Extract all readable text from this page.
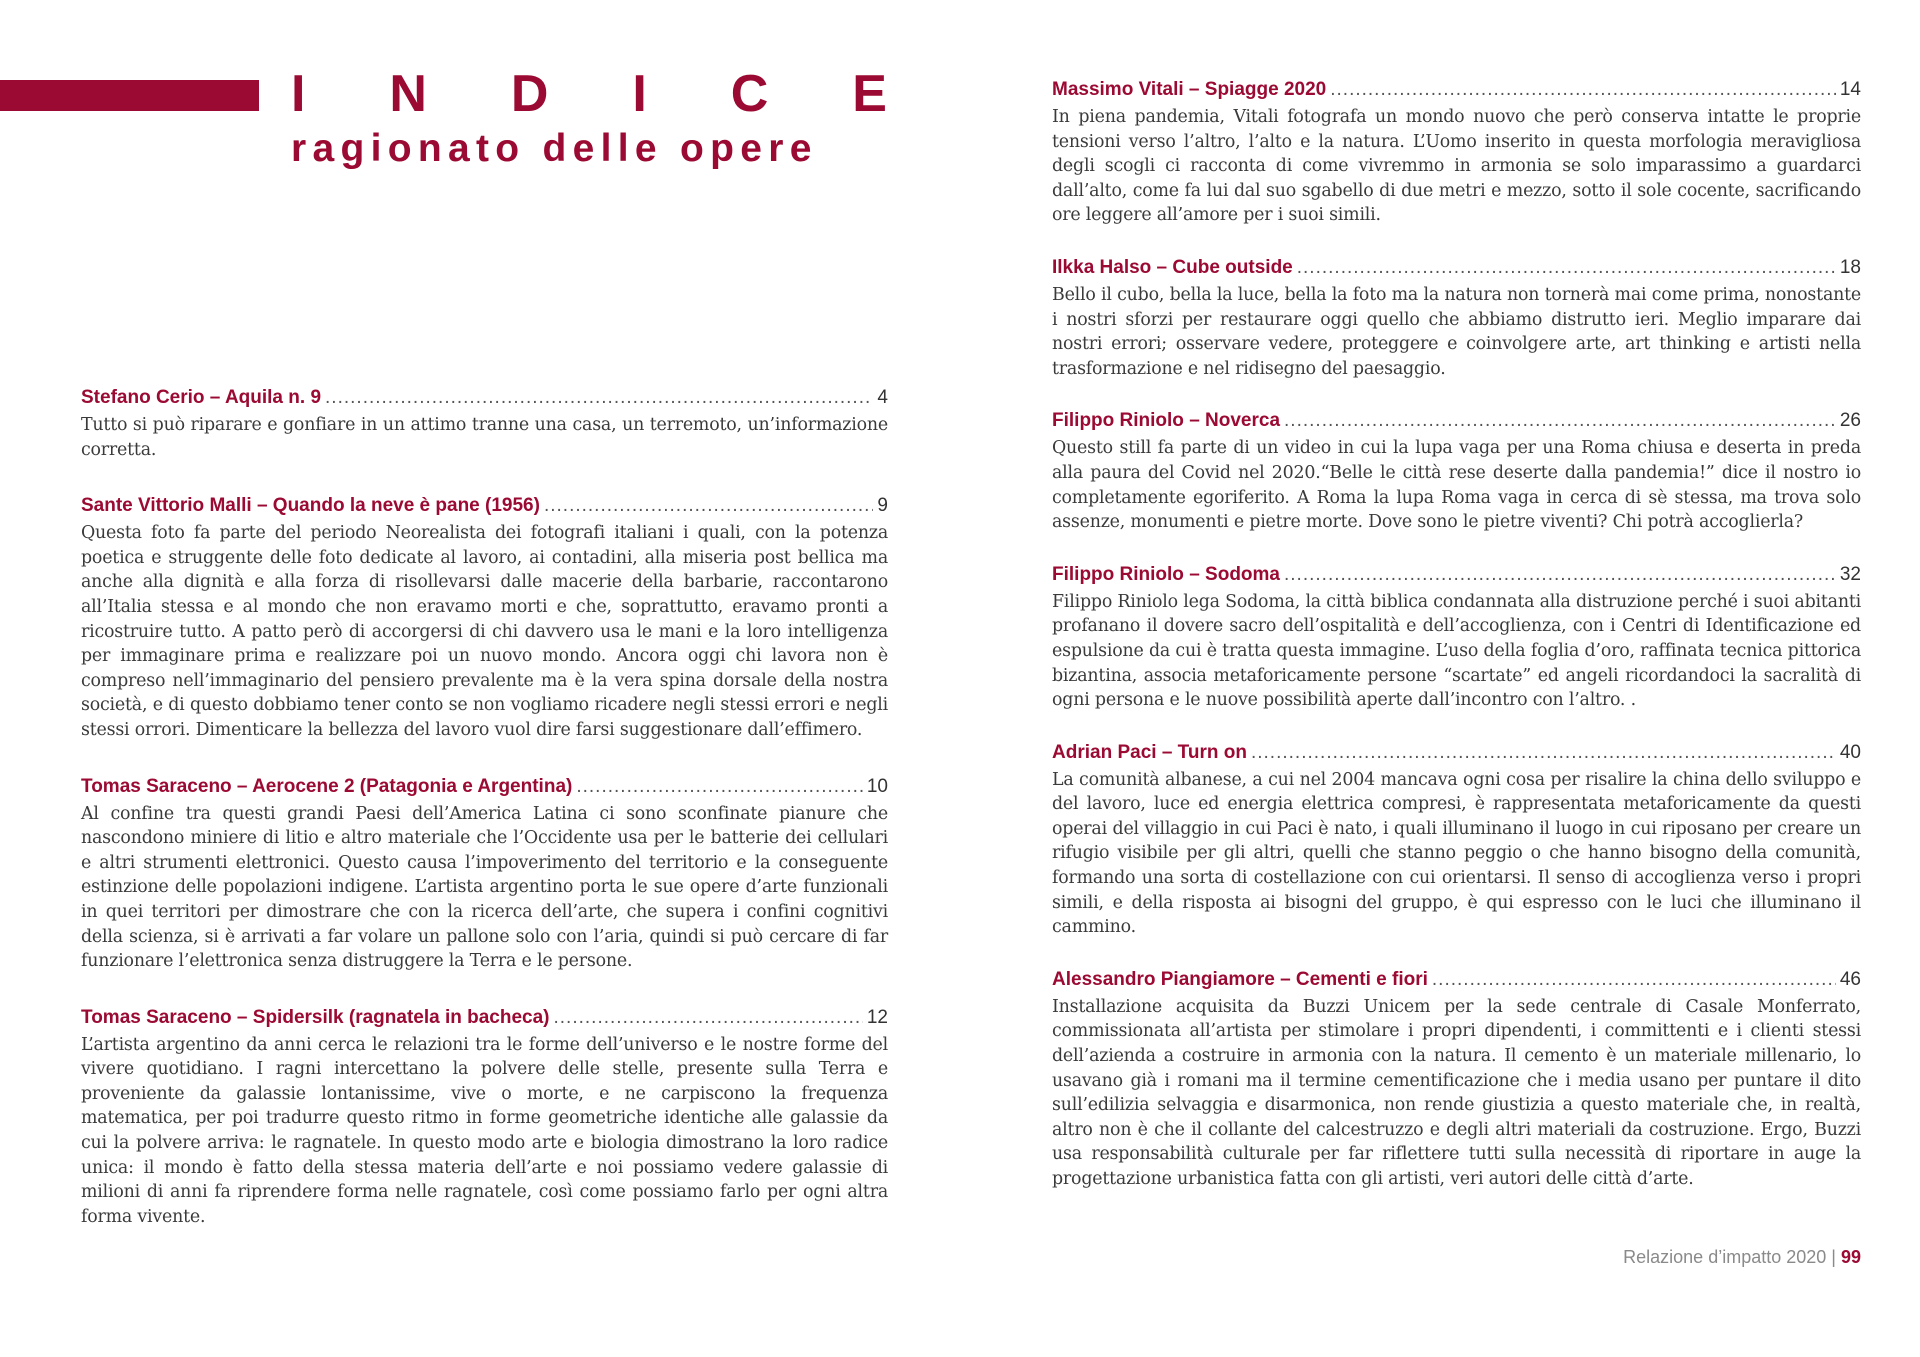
I N D I C E
ragionato delle opere
Stefano Cerio – Aquila n. 9 .....	4

Tutto si può riparare e gonfiare in un attimo tranne una casa, un terremoto, un’informazione corretta.

Sante Vittorio Malli – Quando la neve è pane (1956) .....	9

Questa foto fa parte del periodo Neorealista dei fotografi italiani i quali, con la potenza poetica e struggente delle foto dedicate al lavoro, ai contadini, alla miseria post bellica ma anche alla dignità e alla forza di risollevarsi dalle macerie della barbarie, raccontarono all’Italia stessa e al mondo che non eravamo morti e che, soprattutto, eravamo pronti a ricostruire tutto. A patto però di accorgersi di chi davvero usa le mani e la loro intelligenza per immaginare prima e realizzare poi un nuovo mondo. Ancora oggi chi lavora non è compreso nell’immaginario del pensiero prevalente ma è la vera spina dorsale della nostra società, e di questo dobbiamo tener conto se non vogliamo ricadere negli stessi errori e negli stessi orrori. Dimenticare la bellezza del lavoro vuol dire farsi suggestionare dall’effimero.

Tomas Saraceno – Aerocene 2 (Patagonia e Argentina) .....	10

Al confine tra questi grandi Paesi dell’America Latina ci sono sconfinate pianure che nascondono miniere di litio e altro materiale che l’Occidente usa per le batterie dei cellulari e altri strumenti elettronici. Questo causa l’impoverimento del territorio e la conseguente estinzione delle popolazioni indigene. L’artista argentino porta le sue opere d’arte funzionali in quei territori per dimostrare che con la ricerca dell’arte, che supera i confini cognitivi della scienza, si è arrivati a far volare un pallone solo con l’aria, quindi si può cercare di far funzionare l’elettronica senza distruggere la Terra e le persone.

Tomas Saraceno – Spidersilk (ragnatela in bacheca) .....	12

L’artista argentino da anni cerca le relazioni tra le forme dell’universo e le nostre forme del vivere quotidiano. I ragni intercettano la polvere delle stelle, presente sulla Terra e proveniente da galassie lontanissime, vive o morte, e ne carpiscono la frequenza matematica, per poi tradurre questo ritmo in forme geometriche identiche alle galassie da cui la polvere arriva: le ragnatele. In questo modo arte e biologia dimostrano la loro radice unica: il mondo è fatto della stessa materia dell’arte e noi possiamo vedere galassie di milioni di anni fa riprendere forma nelle ragnatele, così come possiamo farlo per ogni altra forma vivente.

Massimo Vitali – Spiagge 2020 .....	14

In piena pandemia, Vitali fotografa un mondo nuovo che però conserva intatte le proprie tensioni verso l’altro, l’alto e la natura. L’Uomo inserito in questa morfologia meravigliosa degli scogli ci racconta di come vivremmo in armonia se solo imparassimo a guardarci dall’alto, come fa lui dal suo sgabello di due metri e mezzo, sotto il sole cocente, sacrificando ore leggere all’amore per i suoi simili.

Ilkka Halso – Cube outside .....	18

Bello il cubo, bella la luce, bella la foto ma la natura non tornerà mai come prima, nonostante i nostri sforzi per restaurare oggi quello che abbiamo distrutto ieri. Meglio imparare dai nostri errori; osservare vedere, proteggere e coinvolgere arte, art thinking e artisti nella trasformazione e nel ridisegno del paesaggio.

Filippo Riniolo – Noverca .....	26

Questo still fa parte di un video in cui la lupa vaga per una Roma chiusa e deserta in preda alla paura del Covid nel 2020.“Belle le città rese deserte dalla pandemia!” dice il nostro io completamente egoriferito. A Roma la lupa Roma vaga in cerca di sè stessa, ma trova solo assenze, monumenti e pietre morte. Dove sono le pietre viventi? Chi potrà accoglierla?

Filippo Riniolo – Sodoma .....	32

Filippo Riniolo lega Sodoma, la città biblica condannata alla distruzione perché i suoi abitanti profanano il dovere sacro dell’ospitalità e dell’accoglienza, con i Centri di Identificazione ed espulsione da cui è tratta questa immagine. L’uso della foglia d’oro, raffinata tecnica pittorica bizantina, associa metaforicamente persone “scartate” ed angeli ricordandoci la sacralità di ogni persona e le nuove possibilità aperte dall’incontro con l’altro. .

Adrian Paci – Turn on .....	40

La comunità albanese, a cui nel 2004 mancava ogni cosa per risalire la china dello sviluppo e del lavoro, luce ed energia elettrica compresi, è rappresentata metaforicamente da questi operai del villaggio in cui Paci è nato, i quali illuminano il luogo in cui riposano per creare un rifugio visibile per gli altri, quelli che stanno peggio o che hanno bisogno della comunità, formando una sorta di costellazione con cui orientarsi. Il senso di accoglienza verso i propri simili, e della risposta ai bisogni del gruppo, è qui espresso con le luci che illuminano il cammino.

Alessandro Piangiamore – Cementi e fiori .....	46

Installazione acquisita da Buzzi Unicem per la sede centrale di Casale Monferrato, commissionata all’artista per stimolare i propri dipendenti, i committenti e i clienti stessi dell’azienda a costruire in armonia con la natura. Il cemento è un materiale millenario, lo usavano già i romani ma il termine cementificazione che i media usano per puntare il dito sull’edilizia selvaggia e disarmonica, non rende giustizia a questo materiale che, in realtà, altro non è che il collante del calcestruzzo e degli altri materiali da costruzione. Ergo, Buzzi usa responsabilità culturale per far riflettere tutti sulla necessità di riportare in auge la progettazione urbanistica fatta con gli artisti, veri autori delle città d’arte.

Relazione d’impatto 2020 | 99
